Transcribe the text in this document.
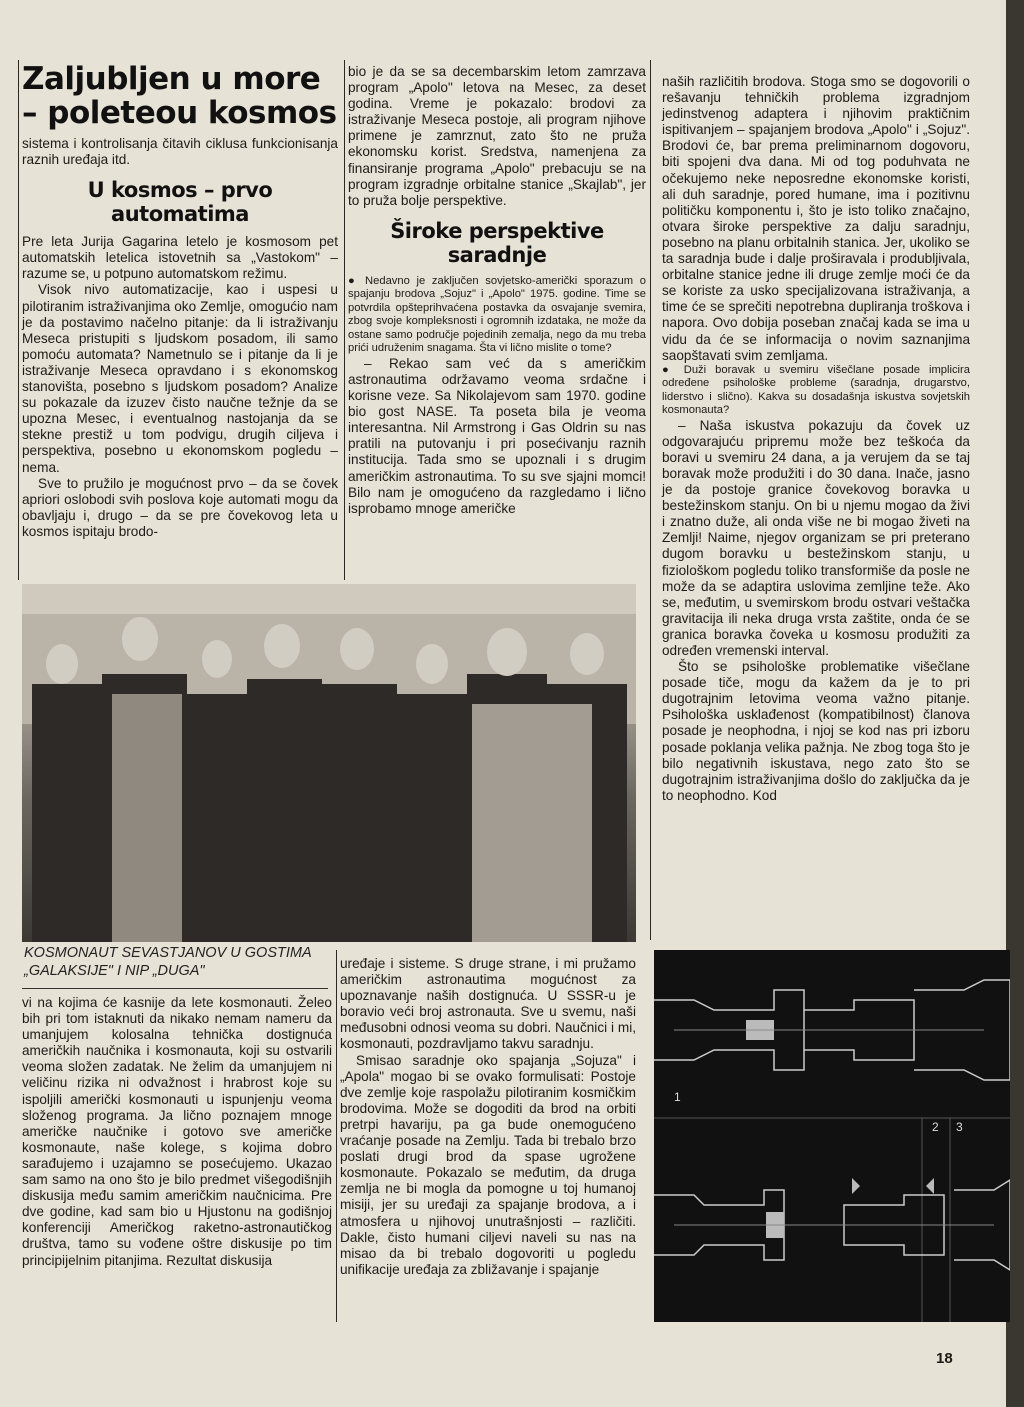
Zaljubljen u more – poleteou kosmos

sistema i kontrolisanja čitavih ciklusa funkcionisanja raznih uređaja itd.

U kosmos – prvo automatima

Pre leta Jurija Gagarina letelo je kosmosom pet automatskih letelica istovetnih sa „Vastokom" – razume se, u potpuno automatskom režimu.

Visok nivo automatizacije, kao i uspesi u pilotiranim istraživanjima oko Zemlje, omogućio nam je da postavimo načelno pitanje: da li istraživanju Meseca pristupiti s ljudskom posadom, ili samo pomoću automata? Nametnulo se i pitanje da li je istraživanje Meseca opravdano i s ekonomskog stanovišta, posebno s ljudskom posadom? Analize su pokazale da izuzev čisto naučne težnje da se upozna Mesec, i eventualnog nastojanja da se stekne prestiž u tom podvigu, drugih ciljeva i perspektiva, posebno u ekonomskom pogledu – nema.

Sve to pružilo je mogućnost prvo – da se čovek apriori oslobodi svih poslova koje automati mogu da obavljaju i, drugo – da se pre čovekovog leta u kosmos ispitaju brodo-

bio je da se sa decembarskim letom zamrzava program „Apolo" letova na Mesec, za deset godina. Vreme je pokazalo: brodovi za istraživanje Meseca postoje, ali program njihove primene je zamrznut, zato što ne pruža ekonomsku korist. Sredstva, namenjena za finansiranje programa „Apolo" prebacuju se na program izgradnje orbitalne stanice „Skajlab", jer to pruža bolje perspektive.

Široke perspektive saradnje

● Nedavno je zaključen sovjetsko-američki sporazum o spajanju brodova „Sojuz" i „Apolo" 1975. godine. Time se potvrdila opšteprihvaćena postavka da osvajanje svemira, zbog svoje kompleksnosti i ogromnih izdataka, ne može da ostane samo područje pojedinih zemalja, nego da mu treba prići udruženim snagama. Šta vi lično mislite o tome?

– Rekao sam već da s američkim astronautima održavamo veoma srdačne i korisne veze. Sa Nikolajevom sam 1970. godine bio gost NASE. Ta poseta bila je veoma interesantna. Nil Armstrong i Gas Oldrin su nas pratili na putovanju i pri posećivanju raznih institucija. Tada smo se upoznali i s drugim američkim astronautima. To su sve sjajni momci! Bilo nam je omogućeno da razgledamo i lično isprobamo mnoge američke

naših različitih brodova. Stoga smo se dogovorili o rešavanju tehničkih problema izgradnjom jedinstvenog adaptera i njihovim praktičnim ispitivanjem – spajanjem brodova „Apolo" i „Sojuz". Brodovi će, bar prema preliminarnom dogovoru, biti spojeni dva dana. Mi od tog poduhvata ne očekujemo neke neposredne ekonomske koristi, ali duh saradnje, pored humane, ima i pozitivnu političku komponentu i, što je isto toliko značajno, otvara široke perspektive za dalju saradnju, posebno na planu orbitalnih stanica. Jer, ukoliko se ta saradnja bude i dalje proširavala i produbljivala, orbitalne stanice jedne ili druge zemlje moći će da se koriste za usko specijalizovana istraživanja, a time će se sprečiti nepotrebna dupliranja troškova i napora. Ovo dobija poseban značaj kada se ima u vidu da će se informacija o novim saznanjima saopštavati svim zemljama.

● Duži boravak u svemiru višečlane posade implicira određene psihološke probleme (saradnja, drugarstvo, liderstvo i slično). Kakva su dosadašnja iskustva sovjetskih kosmonauta?

– Naša iskustva pokazuju da čovek uz odgovarajuću pripremu može bez teškoća da boravi u svemiru 24 dana, a ja verujem da se taj boravak može produžiti i do 30 dana. Inače, jasno je da postoje granice čovekovog boravka u bestežinskom stanju. On bi u njemu mogao da živi i znatno duže, ali onda više ne bi mogao živeti na Zemlji! Naime, njegov organizam se pri preterano dugom boravku u bestežinskom stanju, u fiziološkom pogledu toliko transformiše da posle ne može da se adaptira uslovima zemljine teže. Ako se, međutim, u svemirskom brodu ostvari veštačka gravitacija ili neka druga vrsta zaštite, onda će se granica boravka čoveka u kosmosu produžiti za određen vremenski interval.

Što se psihološke problematike višečlane posade tiče, mogu da kažem da je to pri dugotrajnim letovima veoma važno pitanje. Psihološka usklađenost (kompatibilnost) članova posade je neophodna, i njoj se kod nas pri izboru posade poklanja velika pažnja. Ne zbog toga što je bilo negativnih iskustava, nego zato što se dugotrajnim istraživanjima došlo do zaključka da je to neophodno. Kod

KOSMONAUT SEVASTJANOV U GOSTIMA „GALAKSIJE" I NIP „DUGA"

vi na kojima će kasnije da lete kosmonauti. Želeo bih pri tom istaknuti da nikako nemam nameru da umanjujem kolosalna tehnička dostignuća američkih naučnika i kosmonauta, koji su ostvarili veoma složen zadatak. Ne želim da umanjujem ni veličinu rizika ni odvažnost i hrabrost koje su ispoljili američki kosmonauti u ispunjenju veoma složenog programa. Ja lično poznajem mnoge američke naučnike i gotovo sve američke kosmonaute, naše kolege, s kojima dobro sarađujemo i uzajamno se posećujemo. Ukazao sam samo na ono što je bilo predmet višegodišnjih diskusija među samim američkim naučnicima. Pre dve godine, kad sam bio u Hjustonu na godišnjoj konferenciji Američkog raketno-astronautičkog društva, tamo su vođene oštre diskusije po tim principijelnim pitanjima. Rezultat diskusija

uređaje i sisteme. S druge strane, i mi pružamo američkim astronautima mogućnost za upoznavanje naših dostignuća. U SSSR-u je boravio veći broj astronauta. Sve u svemu, naši međusobni odnosi veoma su dobri. Naučnici i mi, kosmonauti, pozdravljamo takvu saradnju.

Smisao saradnje oko spajanja „Sojuza" i „Apola" mogao bi se ovako formulisati: Postoje dve zemlje koje raspolažu pilotiranim kosmičkim brodovima. Može se dogoditi da brod na orbiti pretrpi havariju, pa ga bude onemogućeno vraćanje posade na Zemlju. Tada bi trebalo brzo poslati drugi brod da spase ugrožene kosmonaute. Pokazalo se međutim, da druga zemlja ne bi mogla da pomogne u toj humanoj misiji, jer su uređaji za spajanje brodova, a i atmosfera u njihovoj unutrašnjosti – različiti. Dakle, čisto humani ciljevi naveli su nas na misao da bi trebalo dogovoriti u pogledu unifikacije uređaja za zbližavanje i spajanje

1
2 3
18
